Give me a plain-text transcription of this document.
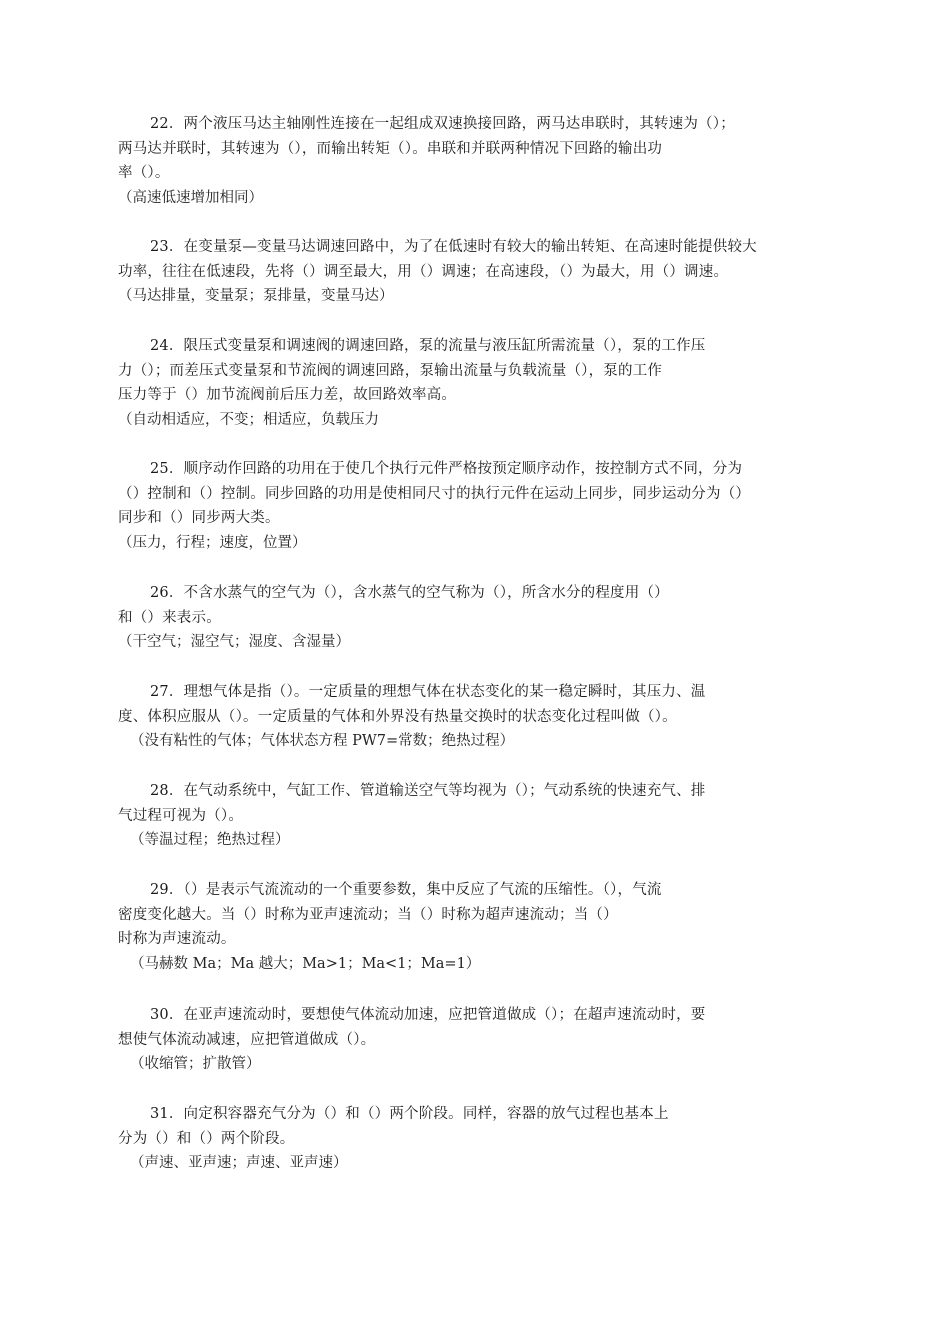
22．两个液压马达主轴刚性连接在一起组成双速换接回路，两马达串联时，其转速为（）；
两马达并联时，其转速为（），而输出转矩（）。串联和并联两种情况下回路的输出功
率（）。
（高速低速增加相同）
23．在变量泵—变量马达调速回路中，为了在低速时有较大的输出转矩、在高速时能提供较大
功率，往往在低速段，先将（）调至最大，用（）调速；在高速段，（）为最大，用（）调速。
（马达排量，变量泵；泵排量，变量马达）
24．限压式变量泵和调速阀的调速回路，泵的流量与液压缸所需流量（），泵的工作压
力（）；而差压式变量泵和节流阀的调速回路，泵输出流量与负载流量（），泵的工作
压力等于（）加节流阀前后压力差，故回路效率高。
（自动相适应，不变；相适应，负载压力
25．顺序动作回路的功用在于使几个执行元件严格按预定顺序动作，按控制方式不同，分为
（）控制和（）控制。同步回路的功用是使相同尺寸的执行元件在运动上同步，同步运动分为（）
同步和（）同步两大类。
（压力，行程；速度，位置）
26．不含水蒸气的空气为（），含水蒸气的空气称为（），所含水分的程度用（）
和（）来表示。
（干空气；湿空气；湿度、含湿量）
27．理想气体是指（）。一定质量的理想气体在状态变化的某一稳定瞬时，其压力、温
度、体积应服从（）。一定质量的气体和外界没有热量交换时的状态变化过程叫做（）。
（没有粘性的气体；气体状态方程 PW7=常数；绝热过程）
28．在气动系统中，气缸工作、管道输送空气等均视为（）；气动系统的快速充气、排
气过程可视为（）。
（等温过程；绝热过程）
29．（）是表示气流流动的一个重要参数，集中反应了气流的压缩性。（），气流
密度变化越大。当（）时称为亚声速流动；当（）时称为超声速流动；当（）
时称为声速流动。
（马赫数 Ma；Ma 越大；Ma>1；Ma<1；Ma=1）
30．在亚声速流动时，要想使气体流动加速，应把管道做成（）；在超声速流动时，要
想使气体流动减速，应把管道做成（）。
（收缩管；扩散管）
31．向定积容器充气分为（）和（）两个阶段。同样，容器的放气过程也基本上
分为（）和（）两个阶段。
（声速、亚声速；声速、亚声速）
